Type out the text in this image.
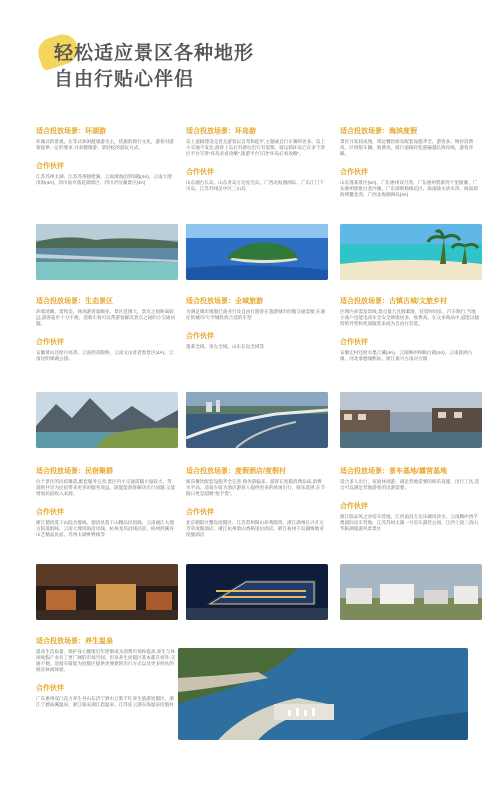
轻松适应景区各种地形
自由行贴心伴侣
适合投放场景：环湖游
环湖式的景观，在等式休闲健康游为主，依据的骑行文化，游客对游客提供一定的要求,寻求健康游、景轻松的游玩方式。
合作伙伴
江苏苏州太湖、江苏苏州独墅湖、云南滇池(昆明湖)(4A)、云南大理洱海(4A)、四川盐亭落花湖景区、四川泸沽湖景区(4A)
适合投放场景：环岛游
岛上道路建设完善且游客以自驾和徒步,主题或自行车赛时居多。岛上小交通不发达,游客上岛后对游玩出行有需要。骑运骑环岛已在多个景区平台写进“环岛必看攻略”,旅游平台写进“环岛必看攻略”。
合作伙伴
山东烟台长岛、山东青岛万达星光岛、广西北海涠洲岛、广东江门下川岛、江苏苏州吴中区三山岛
适合投放场景：海滨度假
景区开发较成熟，周边餐饮娱乐配套设施齐全。游客多，物价消费高，区域很车辆、收费高，骑行道路轻松游遍越长海岸线，游客青睐。
合作伙伴
山东蓬莱景区(5A)、广东惠州双月湾、广东惠州巽寮湾十里银滩、广东惠州黑排白金沙滩、广东深圳杨梅坑区、海南陵水清水湾、海南琼海博鳌金湾、广西北海涠洲岛(4A)
适合投放场景：生态景区
环境清幽、景致美，休闲游客量颇多。景区范围大，景点之间距离较远,游客徒步十分不便。适骑车骑可以帮游客解决景点之间的小交通问题。
合作伙伴
安徽黄山还原月亮湾、云南西双版纳、云南文山普者黑景区(4A)、云南昆明翠湖公园。
适合投放场景：全域旅游
为满足城市地貌已商业行及自由行游客在旅游城市的微交通需要,在通往的城市/大学城投放合适的车型
合作伙伴
蓬莱全域、崇左全域、山东长岛全域等
适合投放场景：古镇古城/文旅乡村
区域内多需发景线,景点量大且散紧凑，驻留时间长，汽车限行,当地小商户也能电动车全安全助康居多、收费高。在众多商品中,道能以独特的外型和优质服装来成为自由行首选。
合作伙伴
安徽宏村还原水墨汀溪(4A)、云南腾冲和顺古镇(4A)、云南晨洲古镇、河北承德康熙站、浙江嘉兴古南浔古镇
适合投放场景：民宿聚群
位于景区的民宿聚落,配套服务完善,景区内小交通需随小量较大，驾驶的共享为民宿带来更多的服务效益。既能能游客解决出行问题,又能增加民宿收入来源。
合作伙伴
浙江德清莫干山院舍群线、德清县莫干山精品民宿线、云南丽江大理古院落群线、云南大理洱海沿岸线、杭州龙坞沿线民宿、杭州西溪谷山艺精品民宿、苏州太湖乡野线等
适合投放场景：度假酒店/度假村
娱乐餐饮配套设施齐全完善,商务游偏多。游客在度假消费品质,消费水平高。适骑车骑为酒店游客人提供更多的休闲出行，娱乐选择,在节假日更是超级“抢手货”。
合作伙伴
北京朝阳区蟹岛度假区、江苏苏州阳山环秀晓筑、浙江湖州长兴开元芳草度假酒店、浙江杭州萧山香格里拉酒店、浙江杭州千岛湖梅地亚度假酒店
适合投放场景：景车基地/露营基地
适合多人出行，家庭休闲游，满足营地需要的娱乐设施，出行工具,适合可以满足营地游客的出游需要。
合作伙伴
浙江临安风之谷房车营地、江西南昌万达乐城风淡水、云南腾冲西芋澳国际房车营地、江苏苏州太湖一号房车露营公园、江西上饶三清山华阳湖旅游风景景区
适合投放场景：养生温泉
提高生活质量，保护身心健康近年逐渐成为消费市场和提高,养生与休闲度假产业有了更广阔的市场空间。但泉养生度假区基本都在郊外,交通不便。适骑车骑能为度假区提供更便捷的出行方式以及更多样化的娱乐休闲体验。
合作伙伴
广东惠州双门直力养生谷山东济宁泗水万紫千红养生旅游度假区、浙江宁德南溪温泉、浙江临安湖江恩温泉、江苏连云港东海温泉度假村
